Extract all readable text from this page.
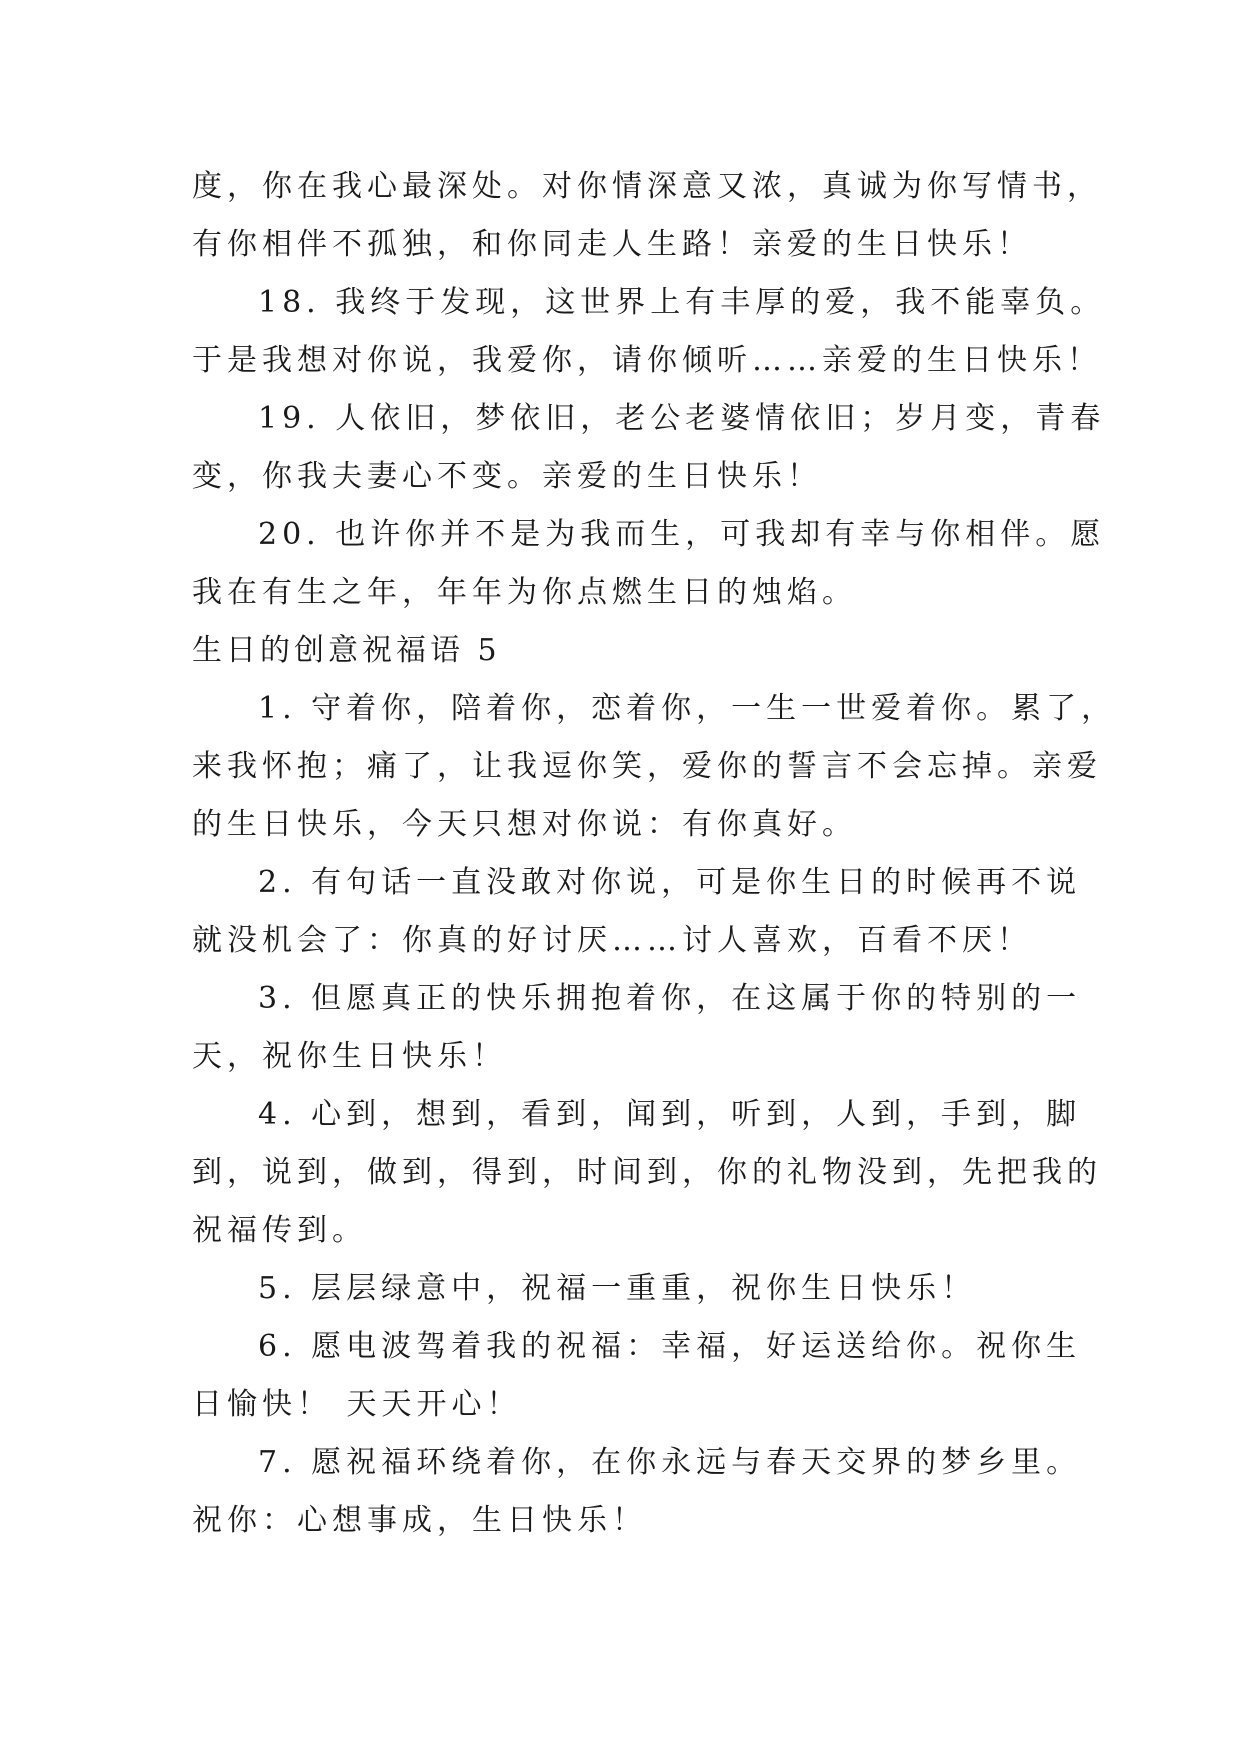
度，你在我心最深处。对你情深意又浓，真诚为你写情书，
有你相伴不孤独，和你同走人生路！亲爱的生日快乐！
18. 我终于发现，这世界上有丰厚的爱，我不能辜负。
于是我想对你说，我爱你，请你倾听……亲爱的生日快乐！
19. 人依旧，梦依旧，老公老婆情依旧；岁月变，青春
变，你我夫妻心不变。亲爱的生日快乐！
20. 也许你并不是为我而生，可我却有幸与你相伴。愿
我在有生之年，年年为你点燃生日的烛焰。
生日的创意祝福语 5
1. 守着你，陪着你，恋着你，一生一世爱着你。累了，
来我怀抱；痛了，让我逗你笑，爱你的誓言不会忘掉。亲爱
的生日快乐，今天只想对你说：有你真好。
2. 有句话一直没敢对你说，可是你生日的时候再不说
就没机会了：你真的好讨厌……讨人喜欢，百看不厌！
3. 但愿真正的快乐拥抱着你，在这属于你的特别的一
天，祝你生日快乐！
4. 心到，想到，看到，闻到，听到，人到，手到，脚
到，说到，做到，得到，时间到，你的礼物没到，先把我的
祝福传到。
5. 层层绿意中，祝福一重重，祝你生日快乐！
6. 愿电波驾着我的祝福：幸福，好运送给你。祝你生
日愉快！ 天天开心！
7. 愿祝福环绕着你，在你永远与春天交界的梦乡里。
祝你：心想事成，生日快乐！
